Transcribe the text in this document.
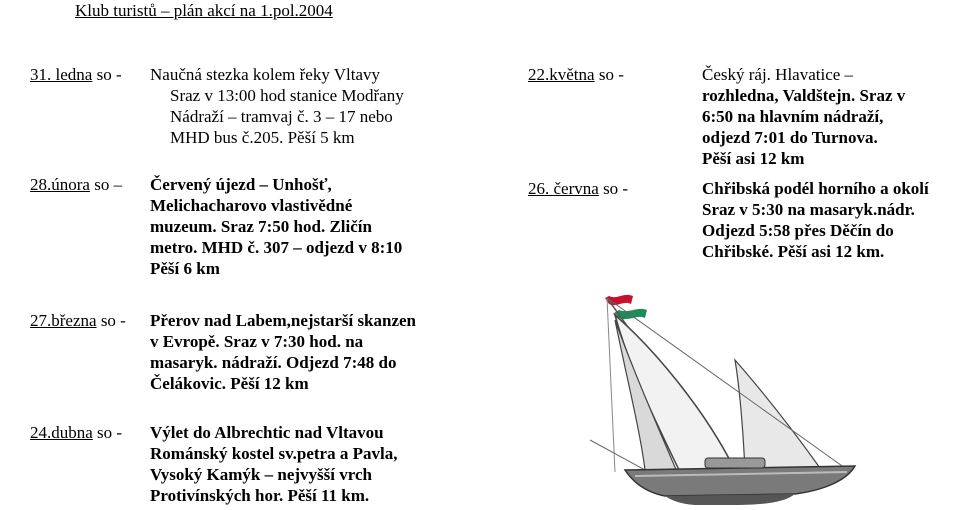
Klub turistů – plán akcí na 1.pol.2004
31. ledna so - Naučná stezka kolem řeky Vltavy
Sraz v 13:00 hod stanice Modřany
Nádraží – tramvaj č. 3 – 17 nebo
MHD bus č.205. Pěší 5 km
28.února so – Červený újezd – Unhošť,
Melichacharovo vlastivědné
muzeum. Sraz 7:50 hod. Zličín
metro. MHD č. 307 – odjezd v 8:10
Pěší 6 km
27.března so - Přerov nad Labem,nejstarší skanzen
v Evropě. Sraz v 7:30 hod. na
masaryk. nádraží. Odjezd 7:48 do
Čelákovic. Pěší 12 km
24.dubna so - Výlet do Albrechtic nad Vltavou
Románský kostel sv.petra a Pavla,
Vysoký Kamýk – nejvyšší vrch
Protivínských hor. Pěší 11 km.
22.května so -	Český ráj. Hlavatice –
rozhledna, Valdštejn. Sraz v
6:50 na hlavním nádraží,
odjezd 7:01 do Turnova.
Pěší asi 12 km
26. června so -	Chřibská podél horního a okolí
Sraz v 5:30 na masaryk.nádr.
Odjezd 5:58 přes Děčín do
Chřibské. Pěší asi 12 km.
